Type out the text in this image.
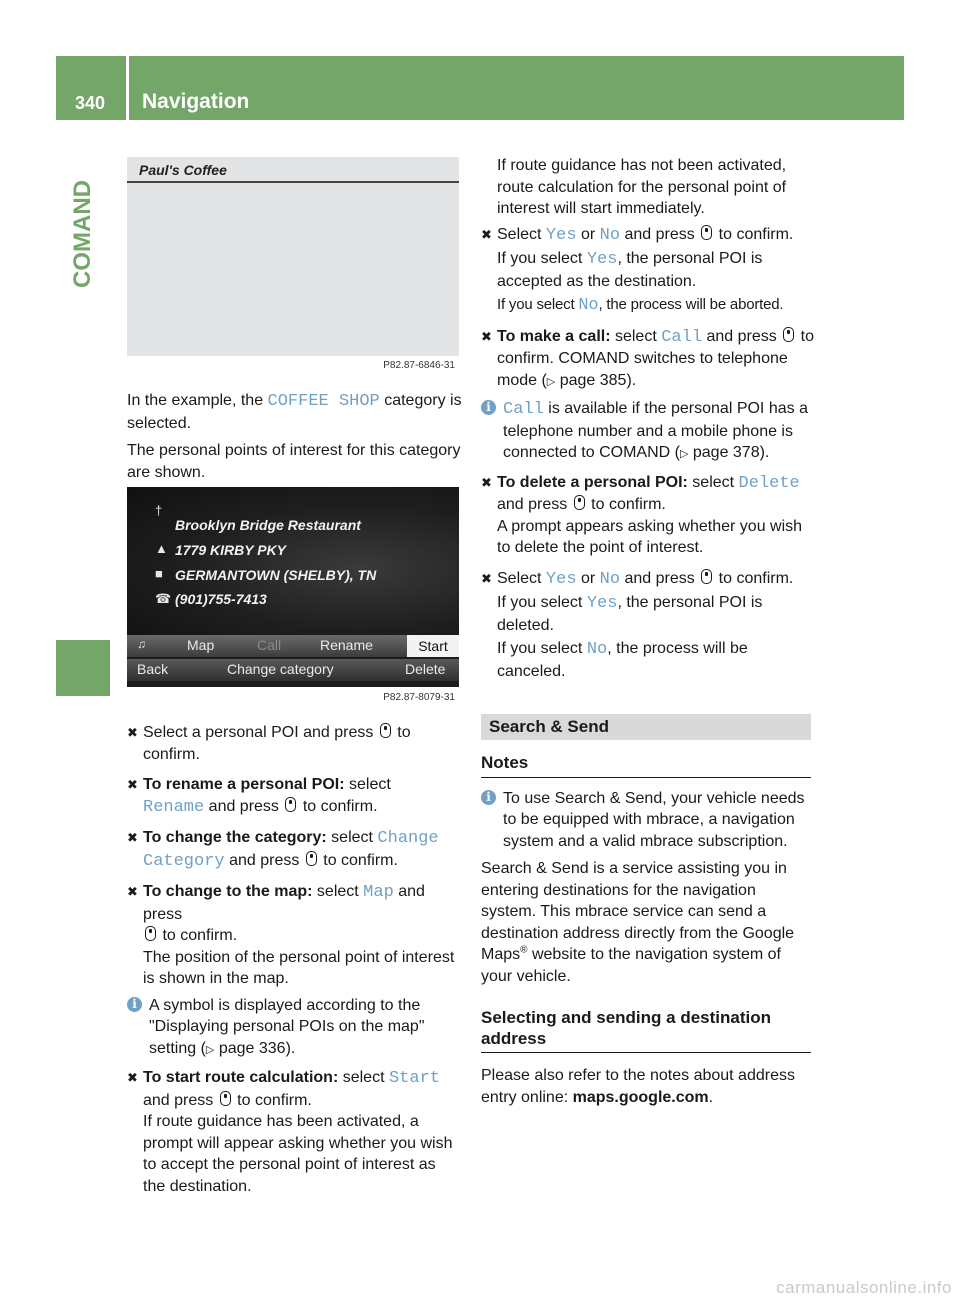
340	Navigation
COMAND
Paul's Coffee
P82.87-6846-31

In the example, the COFFEE SHOP category is selected.

The personal points of interest for this category are shown.

†
Brooklyn Bridge Restaurant
▲ 1779 KIRBY PKY
■ GERMANTOWN (SHELBY), TN
☎ (901)755-7413
♫	Map	Call	Rename	Start
Back	Change category	Delete
P82.87-8079-31
✖ Select a personal POI and press  to confirm.

✖ To rename a personal POI: select
Rename and press  to confirm.

✖ To change the category: select Change
Category and press  to confirm.

✖ To change to the map: select Map and press
to confirm.

The position of the personal point of interest is shown in the map.

i A symbol is displayed according to the "Displaying personal POIs on the map" setting (▷ page 336).

✖ To start route calculation: select Start
and press  to confirm.

If route guidance has been activated, a prompt will appear asking whether you wish to accept the personal point of interest as the destination.

If route guidance has not been activated, route calculation for the personal point of interest will start immediately.

✖ Select Yes or No and press  to confirm.

If you select Yes, the personal POI is accepted as the destination.

If you select No, the process will be aborted.

✖ To make a call: select Call and press  to confirm. COMAND switches to telephone mode (▷ page 385).

i Call is available if the personal POI has a telephone number and a mobile phone is connected to COMAND (▷ page 378).

✖ To delete a personal POI: select Delete
and press  to confirm.

A prompt appears asking whether you wish to delete the point of interest.

✖ Select Yes or No and press  to confirm.

If you select Yes, the personal POI is deleted.

If you select No, the process will be canceled.

Search & Send

Notes

i To use Search & Send, your vehicle needs to be equipped with mbrace, a navigation system and a valid mbrace subscription.

Search & Send is a service assisting you in entering destinations for the navigation system. This mbrace service can send a destination address directly from the Google Maps® website to the navigation system of your vehicle.

Selecting and sending a destination address

Please also refer to the notes about address entry online: maps.google.com.

carmanualsonline.info
